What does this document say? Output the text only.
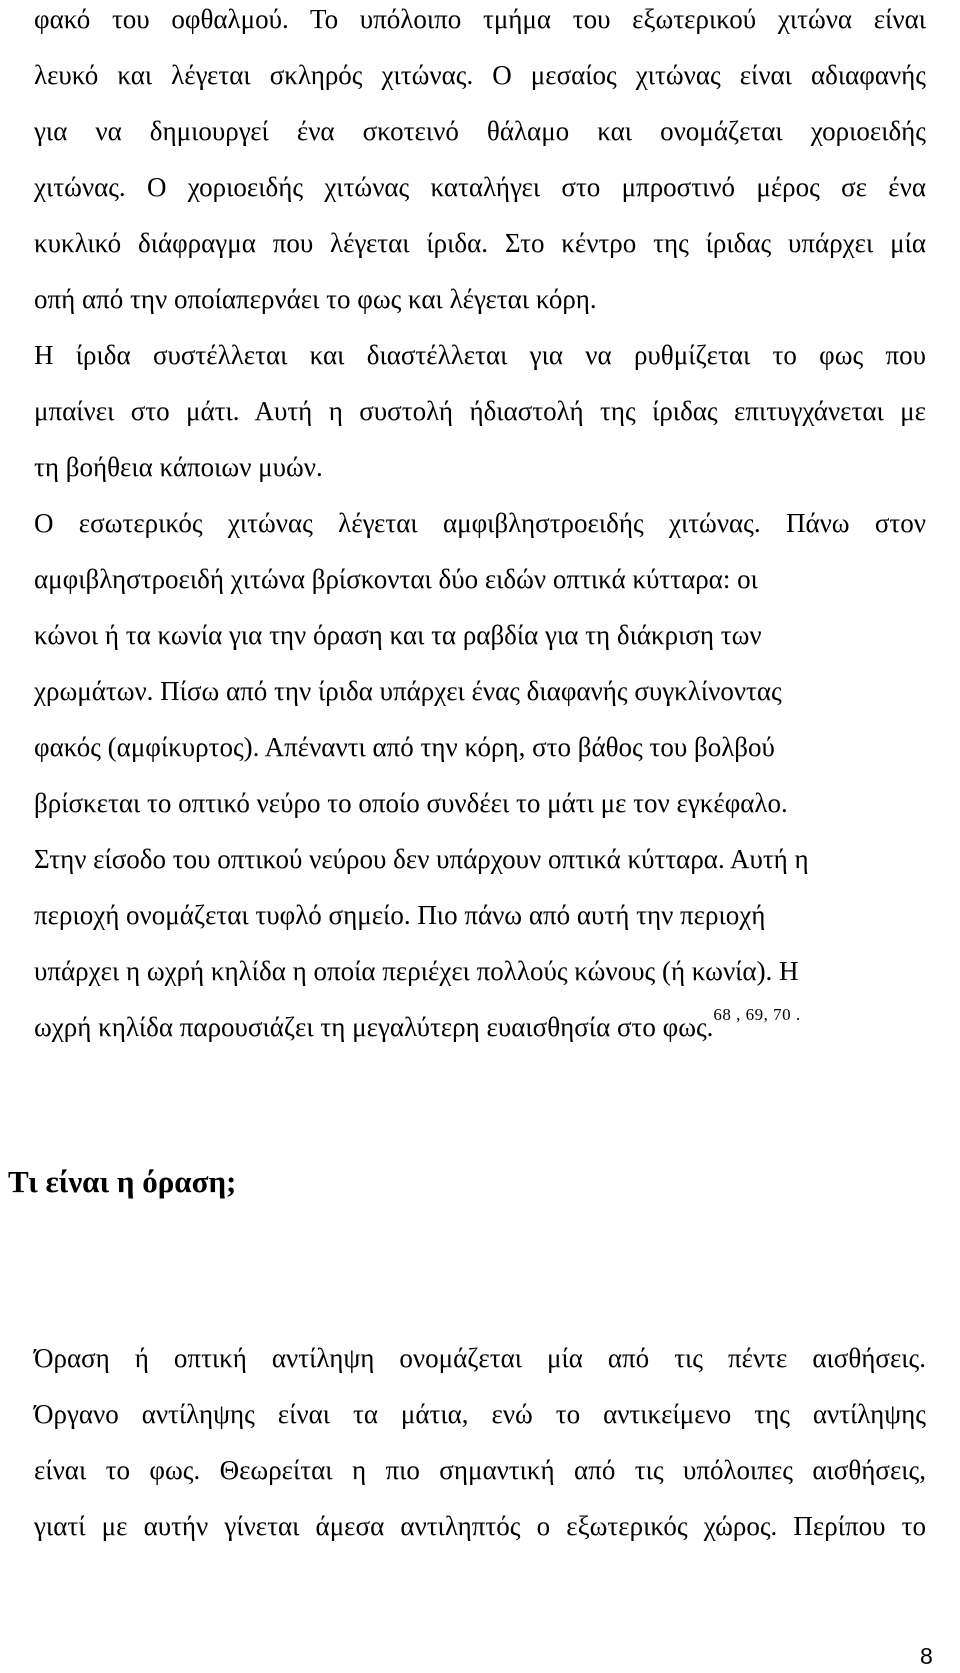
φακό του οφθαλμού. Το υπόλοιπο τμήμα του εξωτερικού χιτώνα είναι
λευκό και λέγεται σκληρός χιτώνας. Ο μεσαίος χιτώνας είναι αδιαφανής
για να δημιουργεί ένα σκοτεινό θάλαμο και ονομάζεται χοριοειδής
χιτώνας. Ο χοριοειδής χιτώνας καταλήγει στο μπροστινό μέρος σε ένα
κυκλικό διάφραγμα που λέγεται ίριδα. Στο κέντρο της ίριδας υπάρχει μία
οπή από την οποίαπερνάει το φως και λέγεται κόρη.
Η ίριδα συστέλλεται και διαστέλλεται για να ρυθμίζεται το φως που
μπαίνει στο μάτι. Αυτή η συστολή ήδιαστολή της ίριδας επιτυγχάνεται με
τη βοήθεια κάποιων μυών.
Ο εσωτερικός χιτώνας λέγεται αμφιβληστροειδής χιτώνας. Πάνω στον
αμφιβληστροειδή χιτώνα βρίσκονται δύο ειδών οπτικά κύτταρα: οι
κώνοι ή τα κωνία για την όραση και τα ραβδία για τη διάκριση των
χρωμάτων. Πίσω από την ίριδα υπάρχει ένας διαφανής συγκλίνοντας
φακός (αμφίκυρτος). Απέναντι από την κόρη, στο βάθος του βολβού
βρίσκεται το οπτικό νεύρο το οποίο συνδέει το μάτι με τον εγκέφαλο.
Στην είσοδο του οπτικού νεύρου δεν υπάρχουν οπτικά κύτταρα. Αυτή η
περιοχή ονομάζεται τυφλό σημείο. Πιο πάνω από αυτή την περιοχή
υπάρχει η ωχρή κηλίδα η οποία περιέχει πολλούς κώνους (ή κωνία). Η
ωχρή κηλίδα παρουσιάζει τη μεγαλύτερη ευαισθησία στο φως.$^{68 , 69, 70 .}$
Τι είναι η όραση;
Όραση ή οπτική αντίληψη ονομάζεται μία από τις πέντε αισθήσεις.
Όργανο αντίληψης είναι τα μάτια, ενώ το αντικείμενο της αντίληψης
είναι το φως. Θεωρείται η πιο σημαντική από τις υπόλοιπες αισθήσεις,
γιατί με αυτήν γίνεται άμεσα αντιληπτός ο εξωτερικός χώρος. Περίπου το
8
